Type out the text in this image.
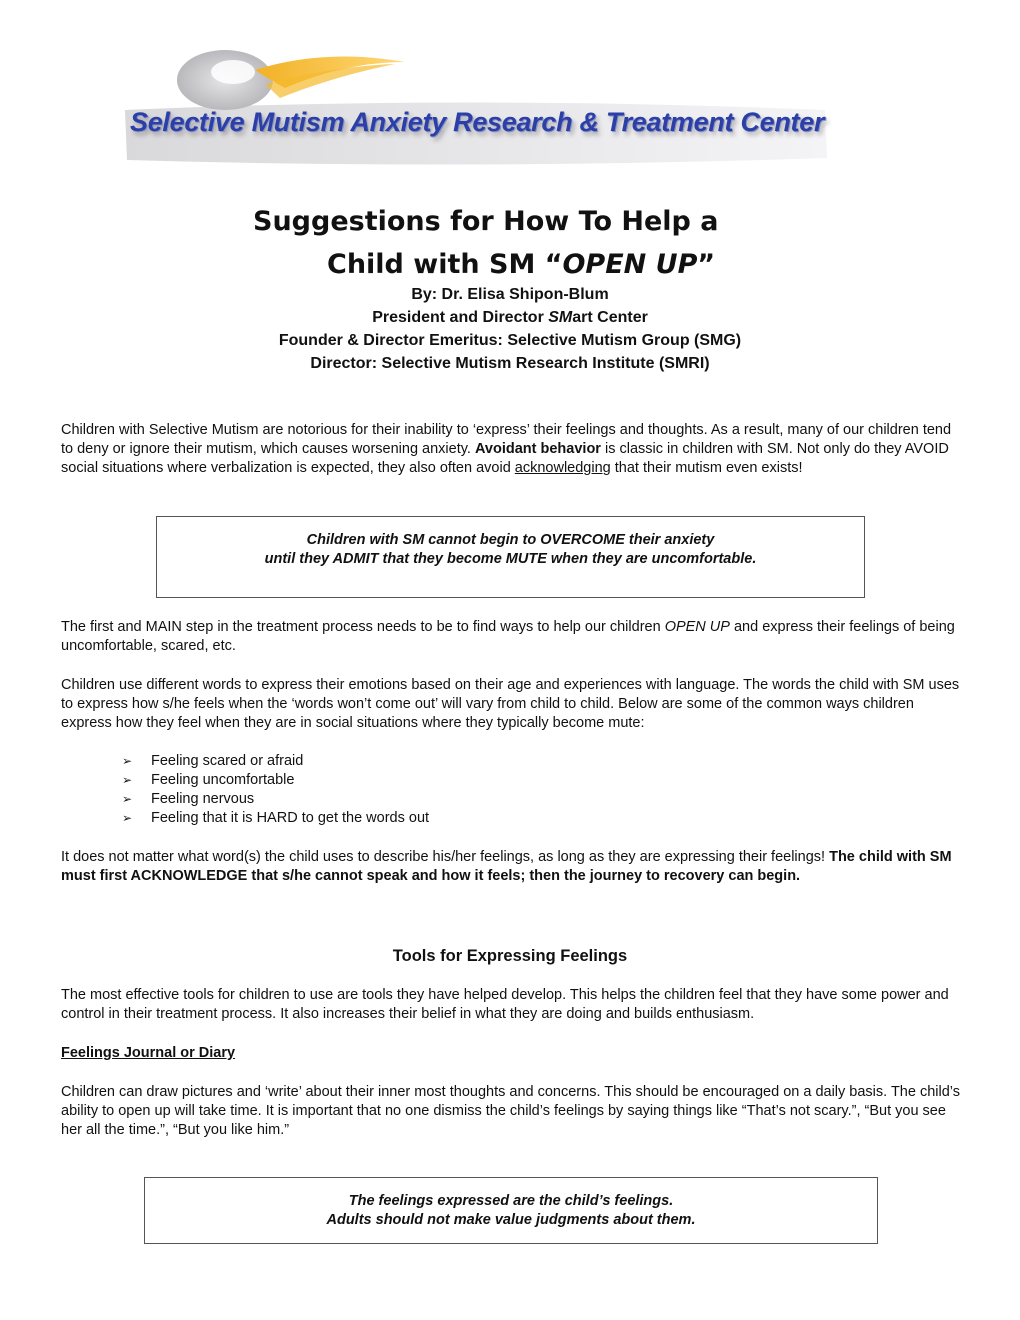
Selective Mutism Anxiety Research & Treatment Center
Suggestions for How To Help a
Child with SM “OPEN UP”
By: Dr. Elisa Shipon-Blum
President and Director SMart Center
Founder & Director Emeritus: Selective Mutism Group (SMG)
Director: Selective Mutism Research Institute (SMRI)

Children with Selective Mutism are notorious for their inability to ‘express’ their feelings and thoughts. As a result, many of our children tend to deny or ignore their mutism, which causes worsening anxiety. Avoidant behavior is classic in children with SM. Not only do they AVOID social situations where verbalization is expected, they also often avoid acknowledging that their mutism even exists!

Children with SM cannot begin to OVERCOME their anxiety
until they ADMIT that they become MUTE when they are uncomfortable.

The first and MAIN step in the treatment process needs to be to find ways to help our children OPEN UP and express their feelings of being uncomfortable, scared, etc.

Children use different words to express their emotions based on their age and experiences with language. The words the child with SM uses to express how s/he feels when the ‘words won’t come out’ will vary from child to child. Below are some of the common ways children express how they feel when they are in social situations where they typically become mute:

➢ Feeling scared or afraid
➢ Feeling uncomfortable
➢ Feeling nervous
➢ Feeling that it is HARD to get the words out

It does not matter what word(s) the child uses to describe his/her feelings, as long as they are expressing their feelings! The child with SM must first ACKNOWLEDGE that s/he cannot speak and how it feels; then the journey to recovery can begin.

Tools for Expressing Feelings

The most effective tools for children to use are tools they have helped develop. This helps the children feel that they have some power and control in their treatment process. It also increases their belief in what they are doing and builds enthusiasm.

Feelings Journal or Diary

Children can draw pictures and ‘write’ about their inner most thoughts and concerns. This should be encouraged on a daily basis. The child’s ability to open up will take time. It is important that no one dismiss the child’s feelings by saying things like “That’s not scary.”, “But you see her all the time.”, “But you like him.”

The feelings expressed are the child’s feelings.
Adults should not make value judgments about them.
